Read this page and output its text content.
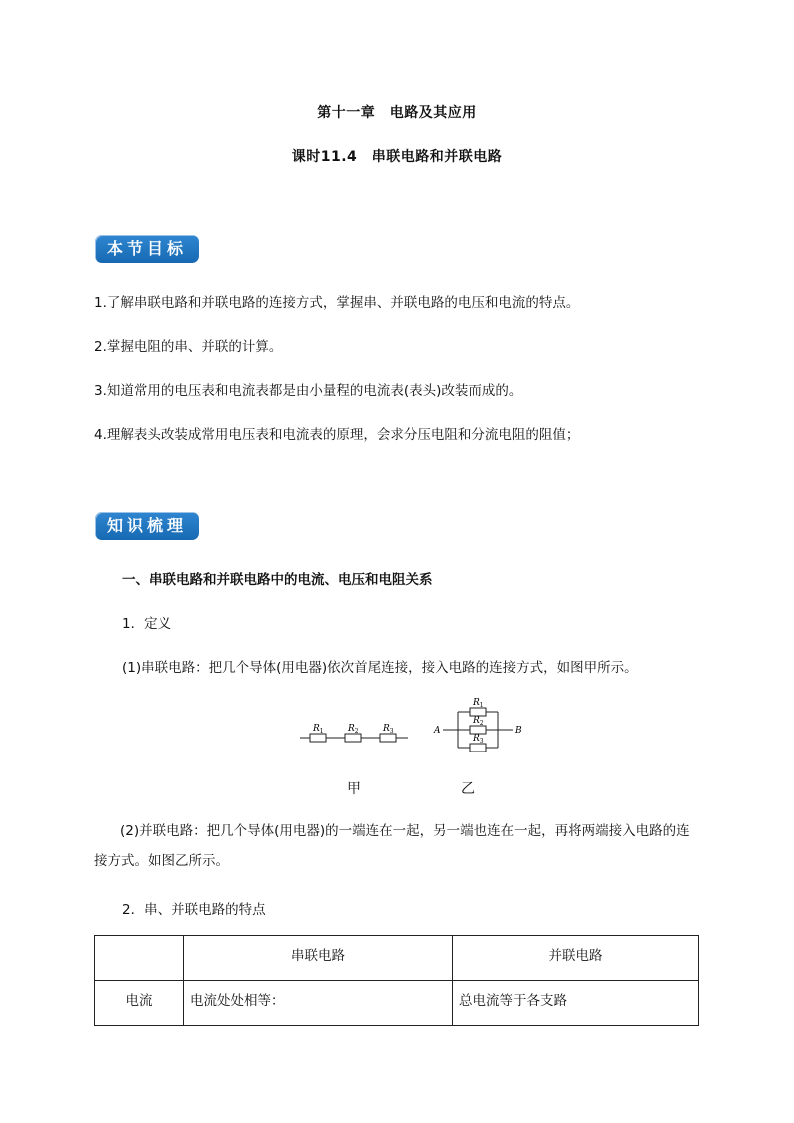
第十一章　电路及其应用
课时11.4　串联电路和并联电路
本节目标
1.了解串联电路和并联电路的连接方式，掌握串、并联电路的电压和电流的特点。
2.掌握电阻的串、并联的计算。
3.知道常用的电压表和电流表都是由小量程的电流表(表头)改装而成的。
4.理解表头改装成常用电压表和电流表的原理，会求分压电阻和分流电阻的阻值；
知识梳理
一、串联电路和并联电路中的电流、电压和电阻关系
1．定义
(1)串联电路：把几个导体(用电器)依次首尾连接，接入电路的连接方式，如图甲所示。
$R_1$	$R_2$	$R_3$	A	B
$R_1$
$R_2$
$R_3$
甲	乙
(2)并联电路：把几个导体(用电器)的一端连在一起，另一端也连在一起，再将两端接入电路的连接方式。如图乙所示。
2．串、并联电路的特点
	串联电路	并联电路
电流	电流处处相等：	总电流等于各支路
